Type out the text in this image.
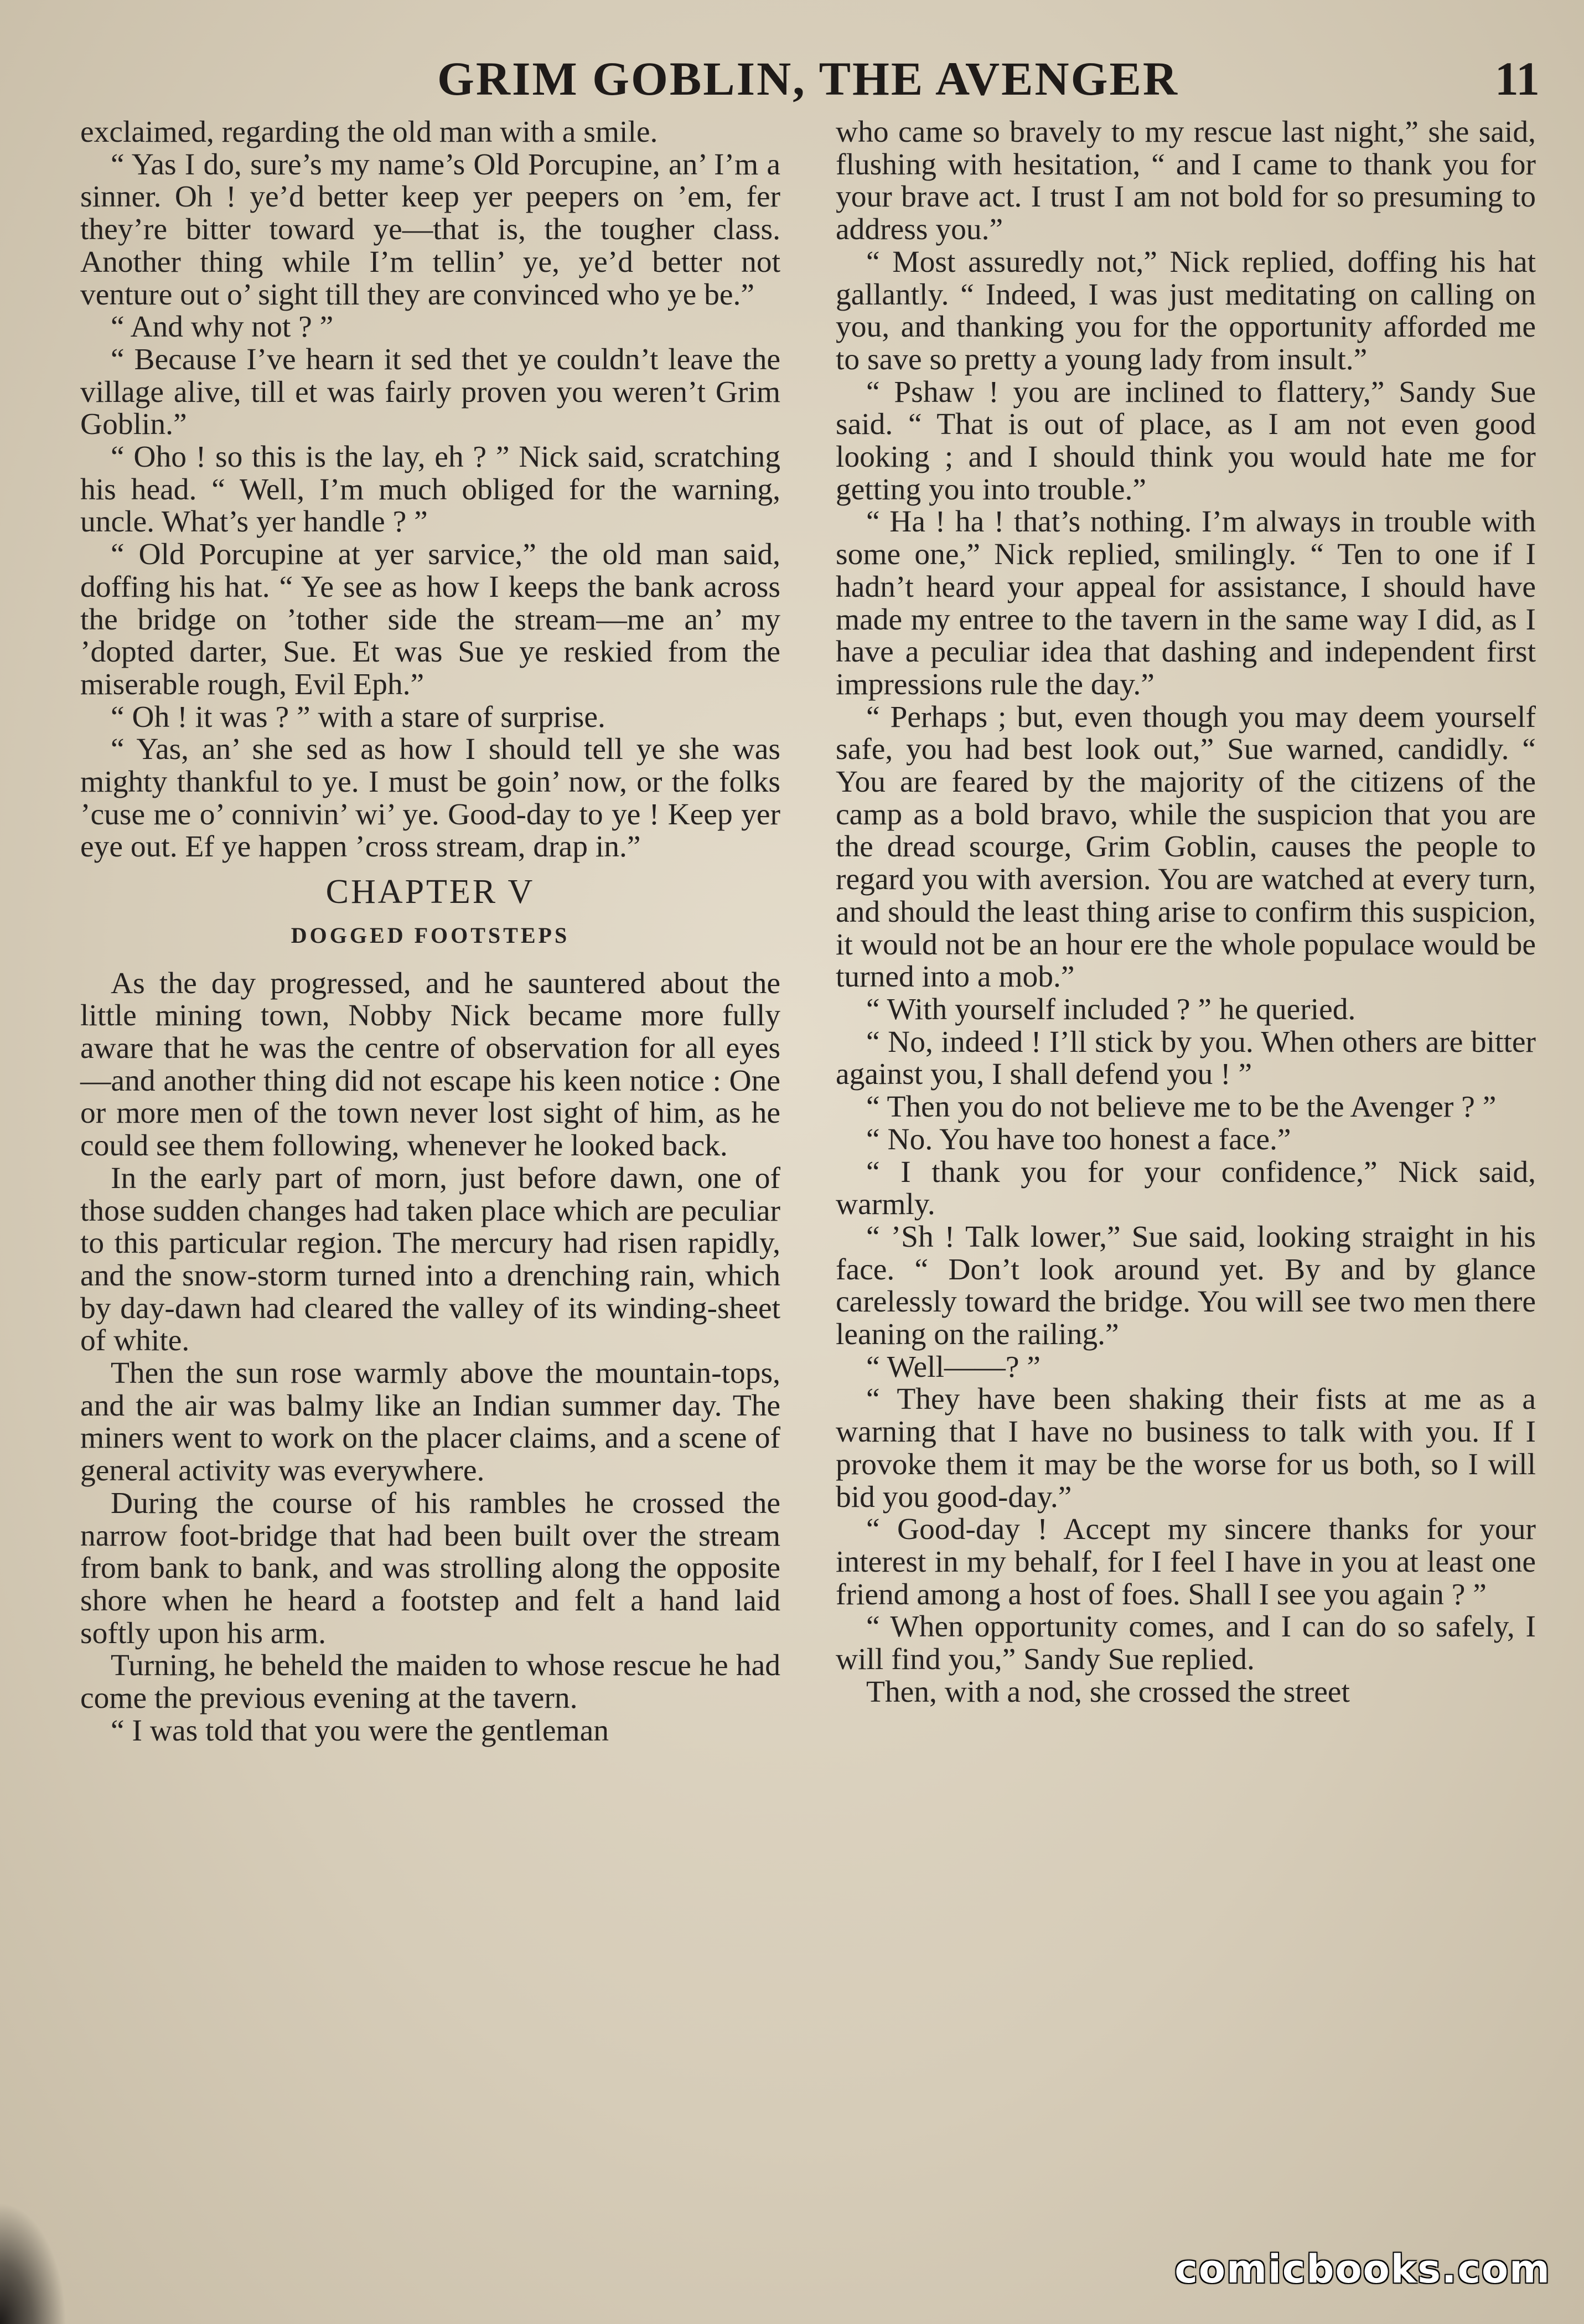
GRIM GOBLIN, THE AVENGER	11

exclaimed, regarding the old man with a smile.

“ Yas I do, sure’s my name’s Old Porcupine, an’ I’m a sinner. Oh ! ye’d better keep yer peepers on ’em, fer they’re bitter toward ye—that is, the tougher class. Another thing while I’m tellin’ ye, ye’d better not venture out o’ sight till they are convinced who ye be.”

“ And why not ? ”

“ Because I’ve hearn it sed thet ye couldn’t leave the village alive, till et was fairly proven you weren’t Grim Goblin.”

“ Oho ! so this is the lay, eh ? ” Nick said, scratching his head. “ Well, I’m much obliged for the warning, uncle. What’s yer handle ? ”

“ Old Porcupine at yer sarvice,” the old man said, doffing his hat. “ Ye see as how I keeps the bank across the bridge on ’tother side the stream—me an’ my ’dopted darter, Sue. Et was Sue ye reskied from the miserable rough, Evil Eph.”

“ Oh ! it was ? ” with a stare of surprise.

“ Yas, an’ she sed as how I should tell ye she was mighty thankful to ye. I must be goin’ now, or the folks ’cuse me o’ connivin’ wi’ ye. Good-day to ye ! Keep yer eye out. Ef ye happen ’cross stream, drap in.”

CHAPTER V
DOGGED FOOTSTEPS

As the day progressed, and he sauntered about the little mining town, Nobby Nick became more fully aware that he was the centre of observation for all eyes—and another thing did not escape his keen notice : One or more men of the town never lost sight of him, as he could see them following, whenever he looked back.

In the early part of morn, just before dawn, one of those sudden changes had taken place which are peculiar to this particular region. The mercury had risen rapidly, and the snow-storm turned into a drenching rain, which by day-dawn had cleared the valley of its winding-sheet of white.

Then the sun rose warmly above the mountain-tops, and the air was balmy like an Indian summer day. The miners went to work on the placer claims, and a scene of general activity was everywhere.

During the course of his rambles he crossed the narrow foot-bridge that had been built over the stream from bank to bank, and was strolling along the opposite shore when he heard a footstep and felt a hand laid softly upon his arm.

Turning, he beheld the maiden to whose rescue he had come the previous evening at the tavern.

“ I was told that you were the gentleman

who came so bravely to my rescue last night,” she said, flushing with hesitation, “ and I came to thank you for your brave act. I trust I am not bold for so presuming to address you.”

“ Most assuredly not,” Nick replied, doffing his hat gallantly. “ Indeed, I was just meditating on calling on you, and thanking you for the opportunity afforded me to save so pretty a young lady from insult.”

“ Pshaw ! you are inclined to flattery,” Sandy Sue said. “ That is out of place, as I am not even good looking ; and I should think you would hate me for getting you into trouble.”

“ Ha ! ha ! that’s nothing. I’m always in trouble with some one,” Nick replied, smilingly. “ Ten to one if I hadn’t heard your appeal for assistance, I should have made my entree to the tavern in the same way I did, as I have a peculiar idea that dashing and independent first impressions rule the day.”

“ Perhaps ; but, even though you may deem yourself safe, you had best look out,” Sue warned, candidly. “ You are feared by the majority of the citizens of the camp as a bold bravo, while the suspicion that you are the dread scourge, Grim Goblin, causes the people to regard you with aversion. You are watched at every turn, and should the least thing arise to confirm this suspicion, it would not be an hour ere the whole populace would be turned into a mob.”

“ With yourself included ? ” he queried.

“ No, indeed ! I’ll stick by you. When others are bitter against you, I shall defend you ! ”

“ Then you do not believe me to be the Avenger ? ”

“ No. You have too honest a face.”

“ I thank you for your confidence,” Nick said, warmly.

“ ’Sh ! Talk lower,” Sue said, looking straight in his face. “ Don’t look around yet. By and by glance carelessly toward the bridge. You will see two men there leaning on the railing.”

“ Well——? ”

“ They have been shaking their fists at me as a warning that I have no business to talk with you. If I provoke them it may be the worse for us both, so I will bid you good-day.”

“ Good-day ! Accept my sincere thanks for your interest in my behalf, for I feel I have in you at least one friend among a host of foes. Shall I see you again ? ”

“ When opportunity comes, and I can do so safely, I will find you,” Sandy Sue replied.

Then, with a nod, she crossed the street

comicbooks.com
